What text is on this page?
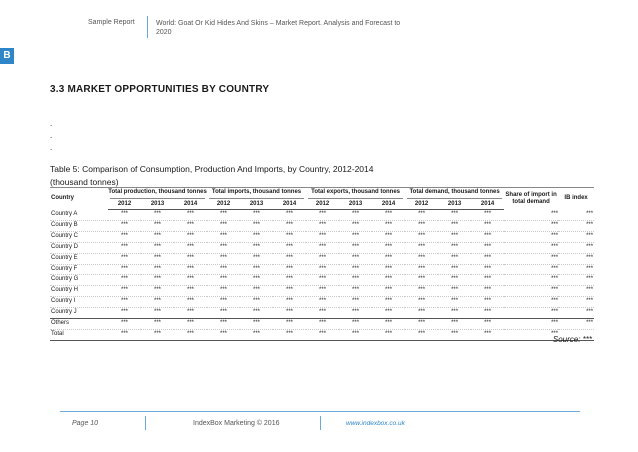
Sample Report	World: Goat Or Kid Hides And Skins – Market Report. Analysis and Forecast to 2020
B
3.3 MARKET OPPORTUNITIES BY COUNTRY
.
.
.
Table 5: Comparison of Consumption, Production And Imports, by Country, 2012-2014
(thousand tonnes)
Country	Total production, thousand tonnes			Total imports, thousand tonnes			Total exports, thousand tonnes			Total demand, thousand tonnes			Share of import in total demand	IB index
	2012	2013	2014	2012	2013	2014	2012	2013	2014	2012	2013	2014		
Country A	***	***	***	***	***	***	***	***	***	***	***	***	***	***
Country B	***	***	***	***	***	***	***	***	***	***	***	***	***	***
Country C	***	***	***	***	***	***	***	***	***	***	***	***	***	***
Country D	***	***	***	***	***	***	***	***	***	***	***	***	***	***
Country E	***	***	***	***	***	***	***	***	***	***	***	***	***	***
Country F	***	***	***	***	***	***	***	***	***	***	***	***	***	***
Country G	***	***	***	***	***	***	***	***	***	***	***	***	***	***
Country H	***	***	***	***	***	***	***	***	***	***	***	***	***	***
Country I	***	***	***	***	***	***	***	***	***	***	***	***	***	***
Country J	***	***	***	***	***	***	***	***	***	***	***	***	***	***
Others	***	***	***	***	***	***	***	***	***	***	***	***	***	***
Total	***	***	***	***	***	***	***	***	***	***	***	***	***	
Source: ***
Page 10	IndexBox Marketing © 2016	www.indexbox.co.uk
